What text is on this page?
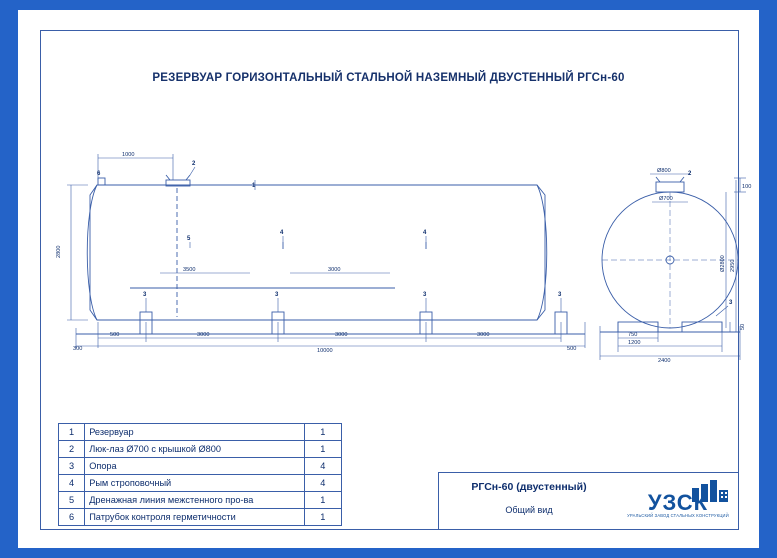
РЕЗЕРВУАР ГОРИЗОНТАЛЬНЫЙ СТАЛЬНОЙ НАЗЕМНЫЙ ДВУСТЕННЫЙ РГСн-60
1000
2800
3500	3000
300
500	3000	3000	3000
10000	500
6
2
1
5
4	4
3	3	3	3
Ø800
Ø700
100
Ø2800 2950
750
1200
2400
50
2
3
1	Резервуар	1
2	Люк-лаз Ø700 с крышкой Ø800	1
3	Опора	4
4	Рым строповочный	4
5	Дренажная линия межстенного про-ва	1
6	Патрубок контроля герметичности	1
РГСн-60 (двустенный)
Общий вид	УЗСК
УРАЛЬСКИЙ ЗАВОД СТАЛЬНЫХ КОНСТРУКЦИЙ
